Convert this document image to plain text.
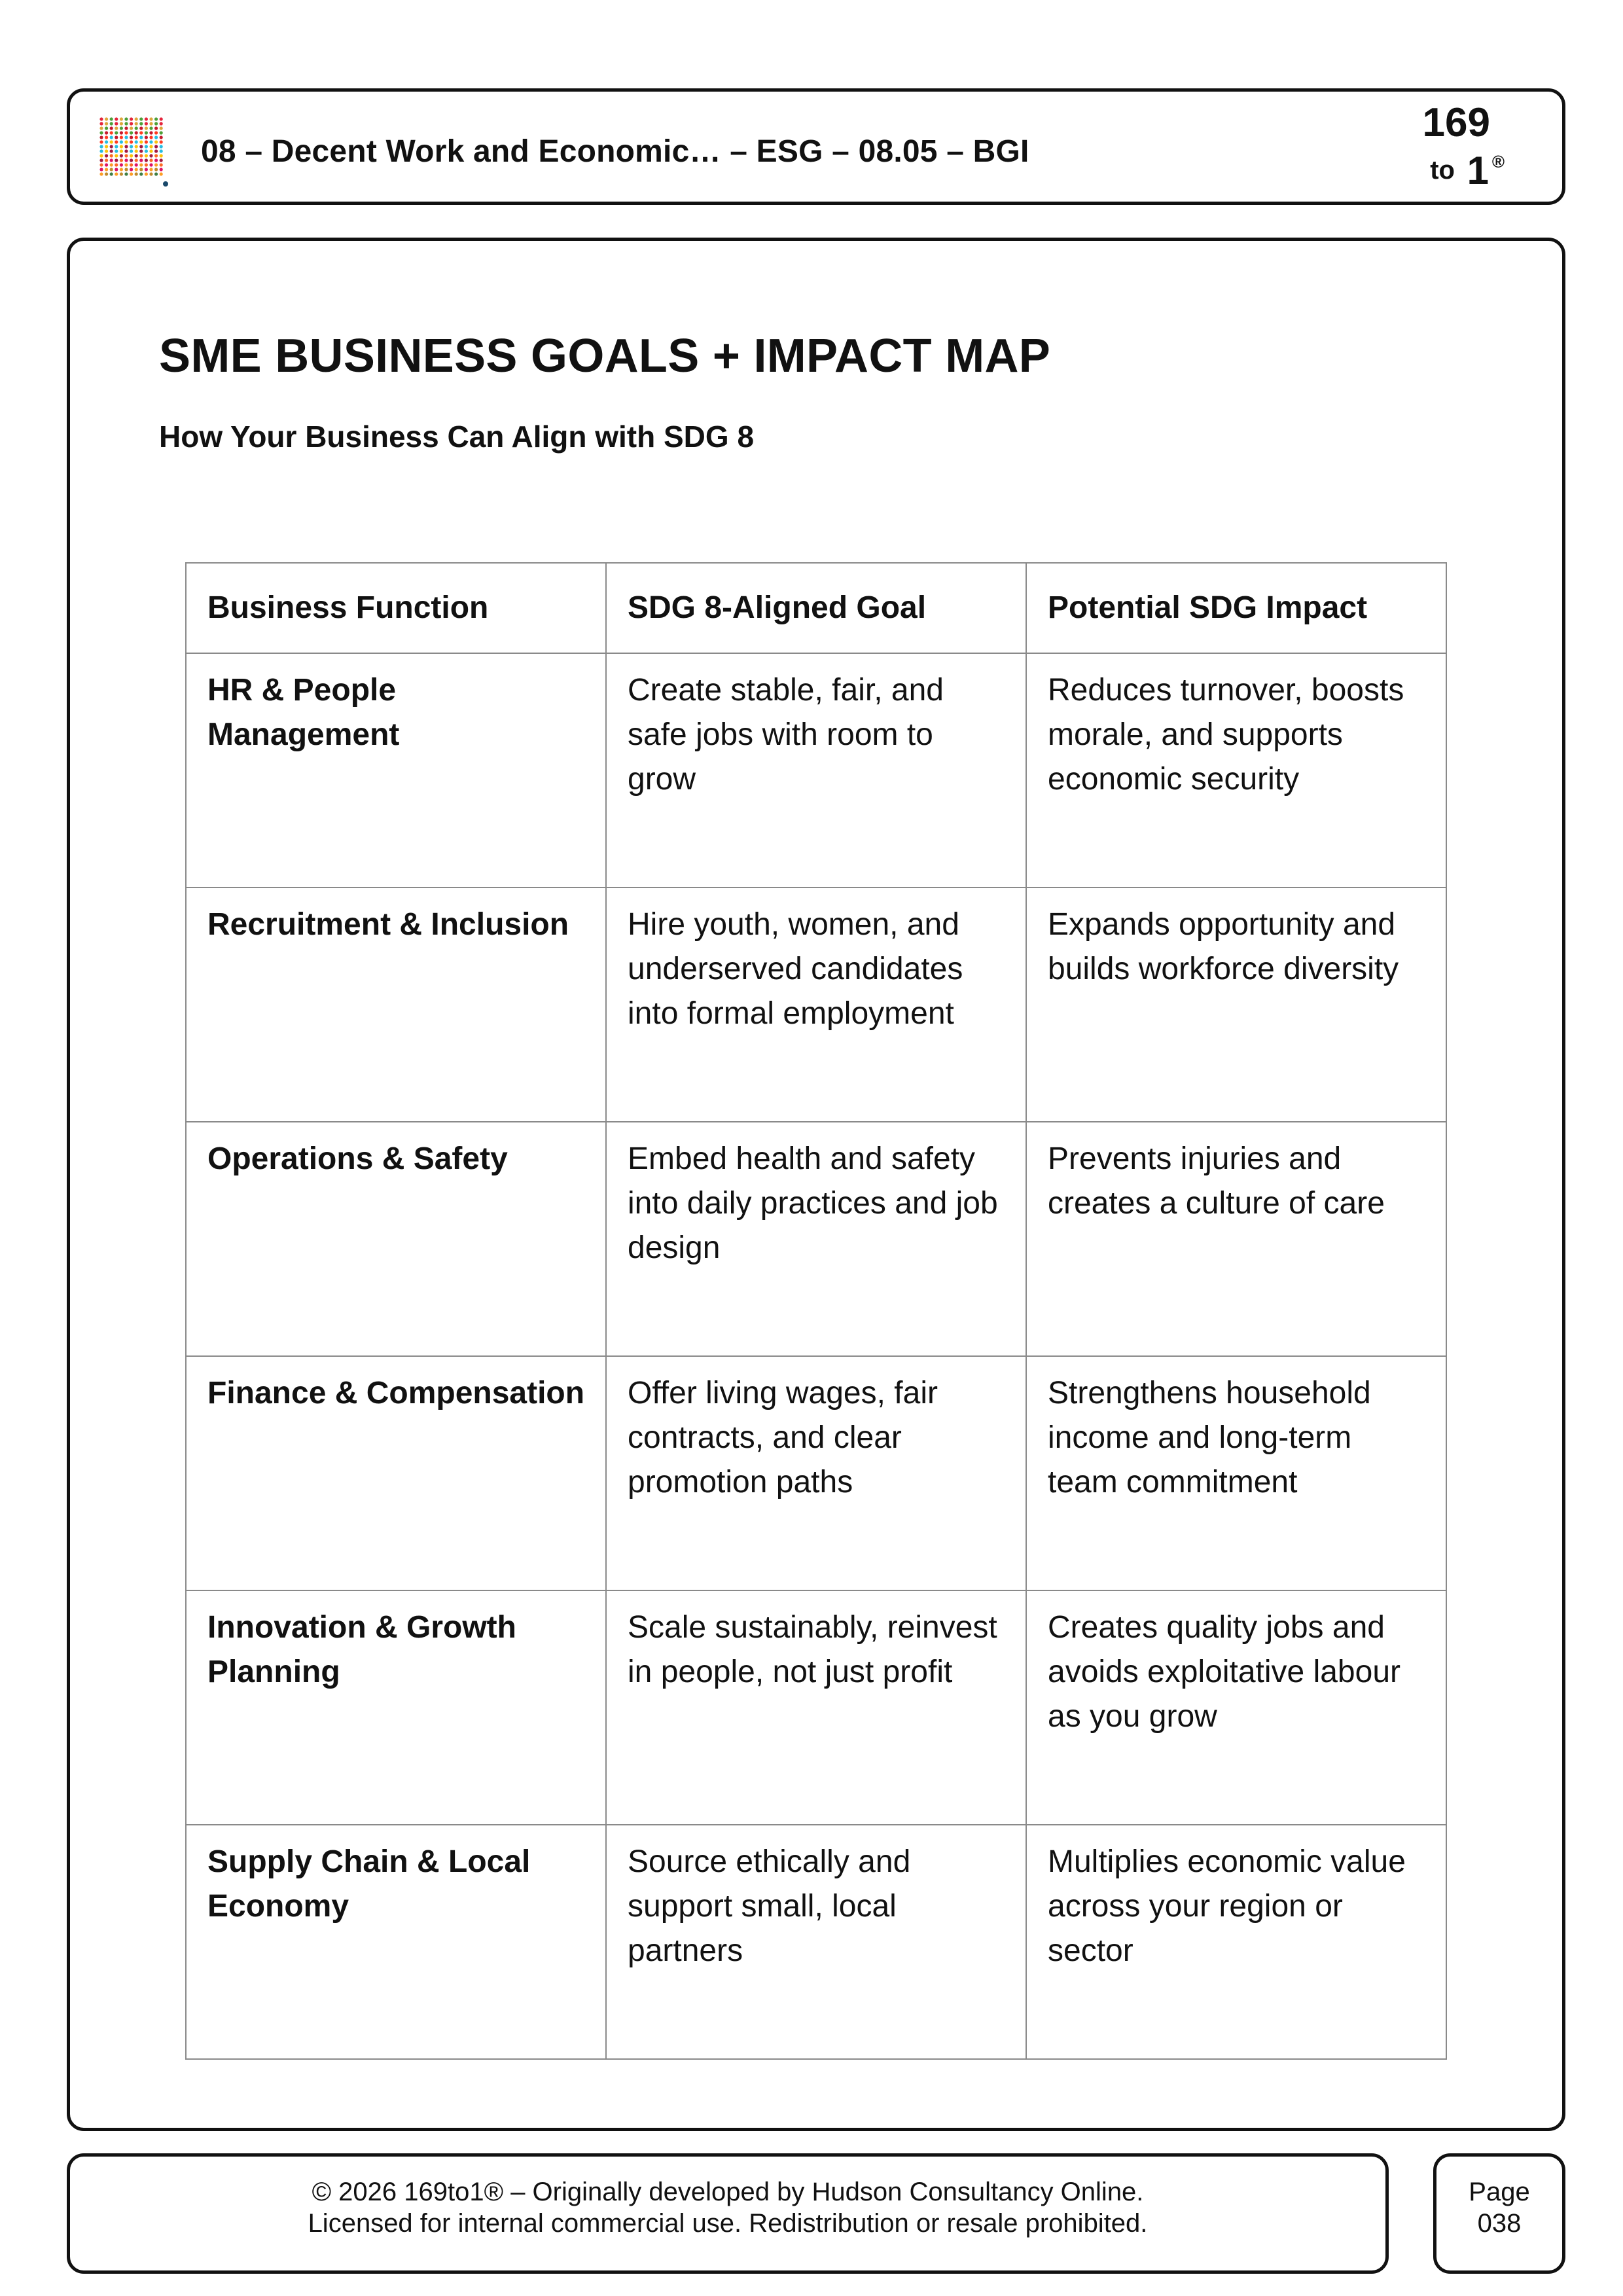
08 – Decent Work and Economic… – ESG – 08.05 – BGI
169
to 1 ®
SME BUSINESS GOALS + IMPACT MAP
How Your Business Can Align with SDG 8
Business Function	SDG 8-Aligned Goal	Potential SDG Impact
HR & People Management	Create stable, fair, and safe jobs with room to grow	Reduces turnover, boosts morale, and supports economic security
Recruitment & Inclusion	Hire youth, women, and underserved candidates into formal employment	Expands opportunity and builds workforce diversity
Operations & Safety	Embed health and safety into daily practices and job design	Prevents injuries and creates a culture of care
Finance & Compensation	Offer living wages, fair contracts, and clear promotion paths	Strengthens household income and long-term team commitment
Innovation & Growth Planning	Scale sustainably, reinvest in people, not just profit	Creates quality jobs and avoids exploitative labour as you grow
Supply Chain & Local Economy	Source ethically and support small, local partners	Multiplies economic value across your region or sector
© 2026 169to1® – Originally developed by Hudson Consultancy Online.
Licensed for internal commercial use. Redistribution or resale prohibited.
Page
038
